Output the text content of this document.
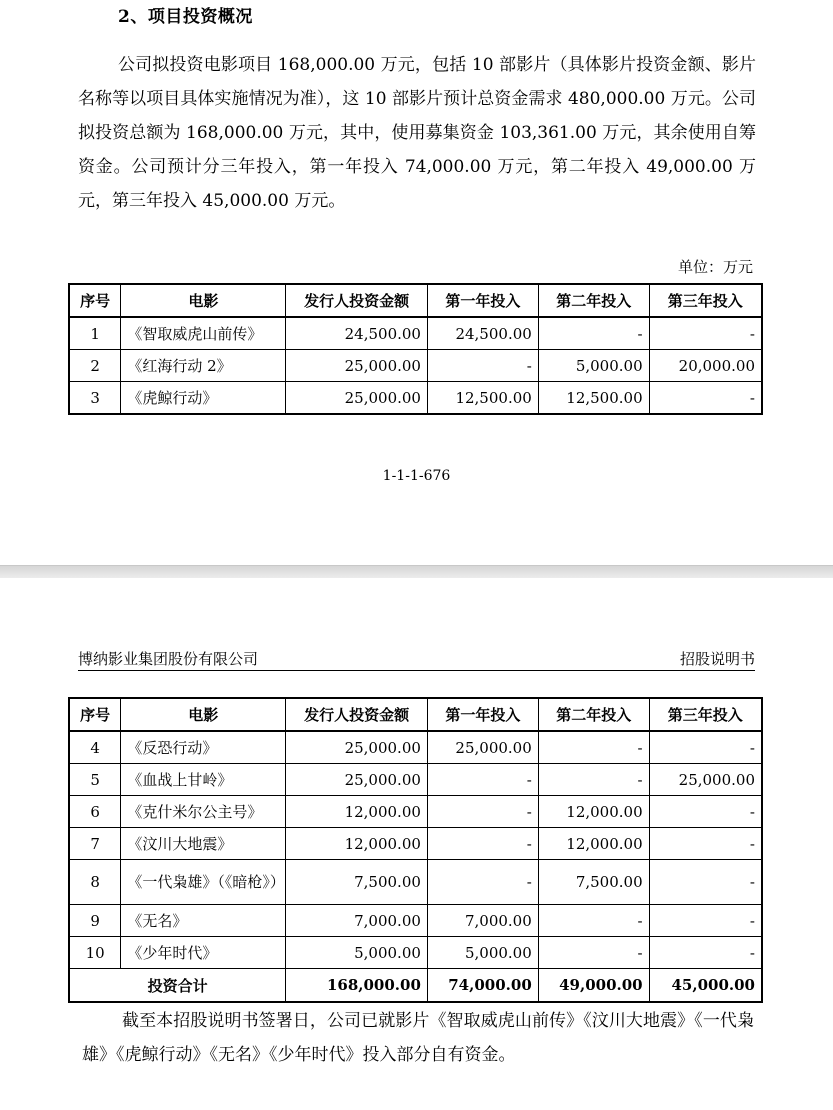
2、项目投资概况

公司拟投资电影项目 168,000.00 万元，包括 10 部影片（具体影片投资金额、影片名称等以项目具体实施情况为准），这 10 部影片预计总资金需求 480,000.00 万元。公司拟投资总额为 168,000.00 万元，其中，使用募集资金 103,361.00 万元，其余使用自筹资金。公司预计分三年投入，第一年投入 74,000.00 万元，第二年投入 49,000.00 万元，第三年投入 45,000.00 万元。

单位：万元
序号	电影	发行人投资金额	第一年投入	第二年投入	第三年投入
1	《智取威虎山前传》	24,500.00	24,500.00	-	-
2	《红海行动 2》	25,000.00	-	5,000.00	20,000.00
3	《虎鲸行动》	25,000.00	12,500.00	12,500.00	-
1-1-1-676
博纳影业集团股份有限公司	招股说明书
序号	电影	发行人投资金额	第一年投入	第二年投入	第三年投入
4	《反恐行动》	25,000.00	25,000.00	-	-
5	《血战上甘岭》	25,000.00	-	-	25,000.00
6	《克什米尔公主号》	12,000.00	-	12,000.00	-
7	《汶川大地震》	12,000.00	-	12,000.00	-
8	《一代枭雄》（《暗枪》）	7,500.00	-	7,500.00	-
9	《无名》	7,000.00	7,000.00	-	-
10	《少年时代》	5,000.00	5,000.00	-	-
投资合计		168,000.00	74,000.00	49,000.00	45,000.00

截至本招股说明书签署日，公司已就影片《智取威虎山前传》《汶川大地震》《一代枭雄》《虎鲸行动》《无名》《少年时代》投入部分自有资金。
